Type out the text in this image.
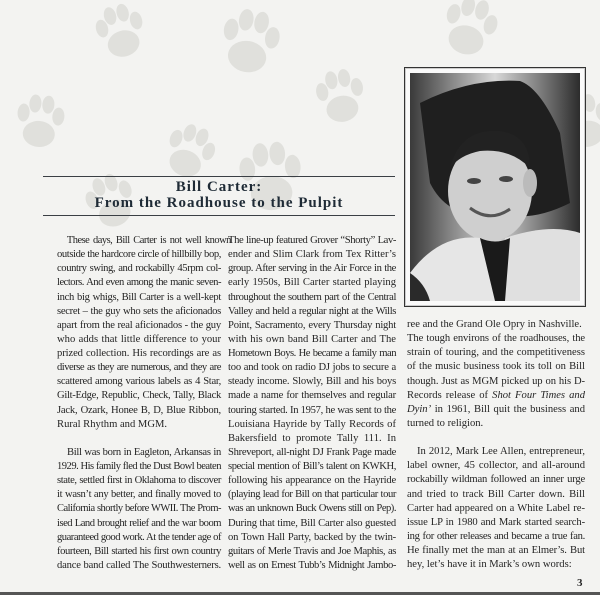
Bill Carter:
From the Roadhouse to the Pulpit
These days, Bill Carter is not well known
outside the hardcore circle of hillbilly bop,
country swing, and rockabilly 45rpm col-
lectors. And even among the manic seven-
inch big whigs, Bill Carter is a well-kept
secret – the guy who sets the aficionados
apart from the real aficionados - the guy
who adds that little difference to your
prized collection. His recordings are as
diverse as they are numerous, and they are
scattered among various labels as 4 Star,
Gilt-Edge, Republic, Check, Tally, Black
Jack, Ozark, Honee B, D, Blue Ribbon,
Rural Rhythm and MGM.
Bill was born in Eagleton, Arkansas in
1929. His family fled the Dust Bowl beaten
state, settled first in Oklahoma to discover
it wasn’t any better, and finally moved to
California shortly before WWII. The Prom-
ised Land brought relief and the war boom
guaranteed good work. At the tender age of
fourteen, Bill started his first own country
dance band called The Southwesterners.
The line-up featured Grover “Shorty” Lav-
ender and Slim Clark from Tex Ritter’s
group. After serving in the Air Force in the
early 1950s, Bill Carter started playing
throughout the southern part of the Central
Valley and held a regular night at the Wills
Point, Sacramento, every Thursday night
with his own band Bill Carter and The
Hometown Boys. He became a family man
too and took on radio DJ jobs to secure a
steady income. Slowly, Bill and his boys
made a name for themselves and regular
touring started. In 1957, he was sent to the
Louisiana Hayride by Tally Records of
Bakersfield to promote Tally 111. In
Shreveport, all-night DJ Frank Page made
special mention of Bill’s talent on KWKH,
following his appearance on the Hayride
(playing lead for Bill on that particular tour
was an unknown Buck Owens still on Pep).
During that time, Bill Carter also guested
on Town Hall Party, backed by the twin-
guitars of Merle Travis and Joe Maphis, as
well as on Ernest Tubb’s Midnight Jambo-
ree and the Grand Ole Opry in Nashville.
The tough environs of the roadhouses, the
strain of touring, and the competitiveness
of the music business took its toll on Bill
though. Just as MGM picked up on his D-
Records release of Shot Four Times and
Dyin’ in 1961, Bill quit the business and
turned to religion.
In 2012, Mark Lee Allen, entrepreneur,
label owner, 45 collector, and all-around
rockabilly wildman followed an inner urge
and tried to track Bill Carter down. Bill
Carter had appeared on a White Label re-
issue LP in 1980 and Mark started search-
ing for other releases and became a true fan.
He finally met the man at an Elmer’s. But
hey, let’s have it in Mark’s own words:
3
